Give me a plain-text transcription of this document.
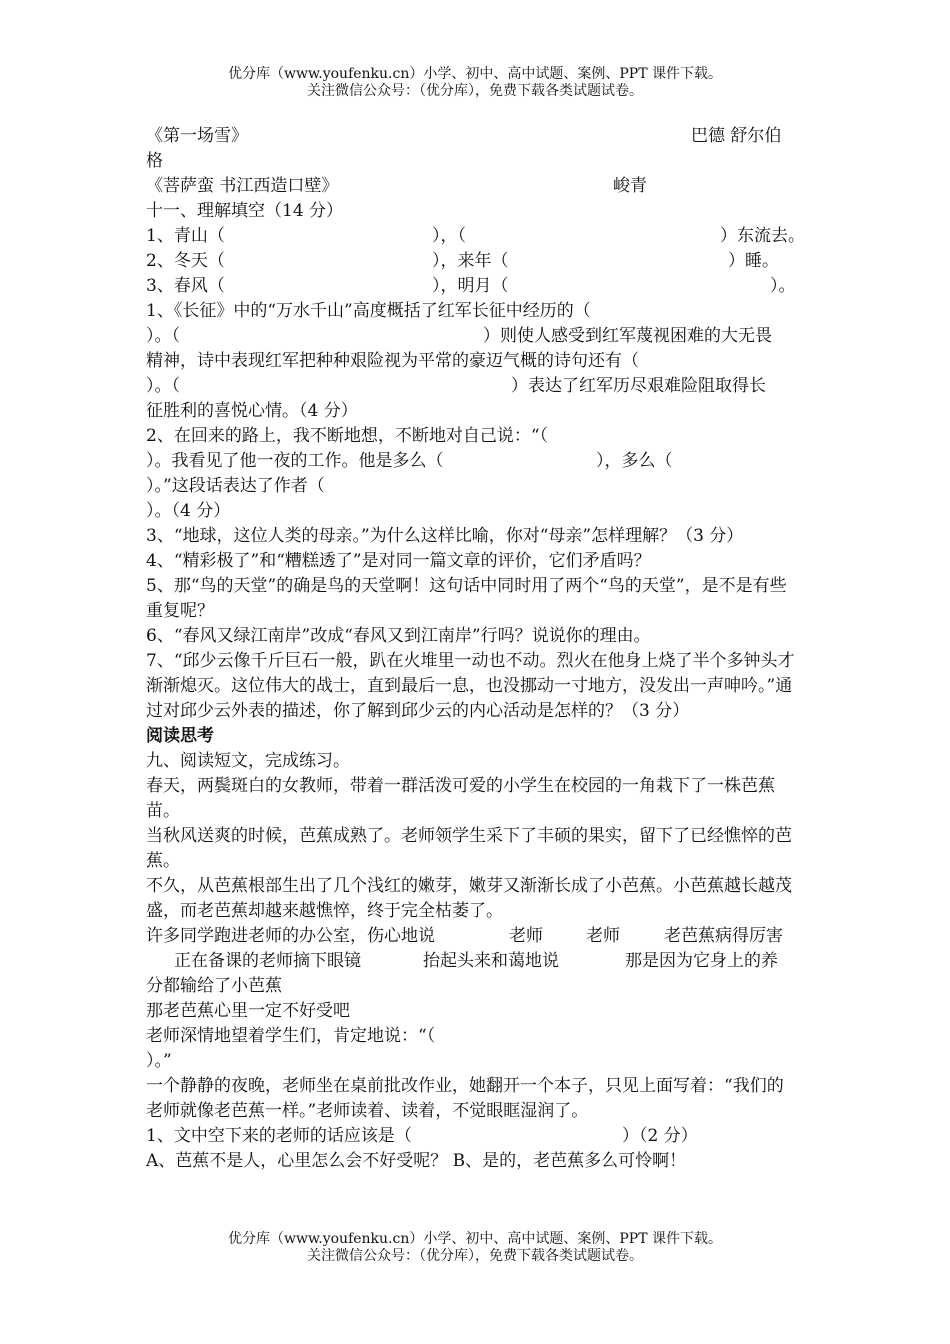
优分库（www.youfenku.cn）小学、初中、高中试题、案例、PPT 课件下载。
关注微信公众号：（优分库），免费下载各类试题试卷。
《第一场雪》	巴德 舒尔伯
格
《菩萨蛮 书江西造口壁》	峻青
十一、理解填空（14 分）
1、青山（	），（	）东流去。
2、冬天（	），来年（	）睡。
3、春风（	），明月（	）。
1、《长征》中的“万水千山”高度概括了红军长征中经历的（
）。（	）则使人感受到红军蔑视困难的大无畏
精神，诗中表现红军把种种艰险视为平常的豪迈气概的诗句还有（
）。（	）表达了红军历尽艰难险阻取得长
征胜利的喜悦心情。（4 分）
2、在回来的路上，我不断地想，不断地对自己说：“（
）。我看见了他一夜的工作。他是多么（	），多么（
）。”这段话表达了作者（
）。（4 分）
3、“地球，这位人类的母亲。”为什么这样比喻，你对“母亲”怎样理解？（3 分）
4、“精彩极了”和“糟糕透了”是对同一篇文章的评价，它们矛盾吗？
5、那“鸟的天堂”的确是鸟的天堂啊！这句话中同时用了两个“鸟的天堂”，是不是有些重复呢？
6、“春风又绿江南岸”改成“春风又到江南岸”行吗？说说你的理由。
7、“邱少云像千斤巨石一般，趴在火堆里一动也不动。烈火在他身上烧了半个多钟头才渐渐熄灭。这位伟大的战士，直到最后一息，也没挪动一寸地方，没发出一声呻吟。”通过对邱少云外表的描述，你了解到邱少云的内心活动是怎样的？（3 分）
阅读思考
九、阅读短文，完成练习。
春天，两鬓斑白的女教师，带着一群活泼可爱的小学生在校园的一角栽下了一株芭蕉苗。
当秋风送爽的时候，芭蕉成熟了。老师领学生采下了丰硕的果实，留下了已经憔悴的芭蕉。
不久，从芭蕉根部生出了几个浅红的嫩芽，嫩芽又渐渐长成了小芭蕉。小芭蕉越长越茂盛，而老芭蕉却越来越憔悴，终于完全枯萎了。
许多同学跑进老师的办公室，伤心地说	老师	老师	老芭蕉病得厉害
正在备课的老师摘下眼镜	抬起头来和蔼地说	那是因为它身上的养
分都输给了小芭蕉
那老芭蕉心里一定不好受吧
老师深情地望着学生们，肯定地说：“（
）。”
一个静静的夜晚，老师坐在桌前批改作业，她翻开一个本子，只见上面写着：“我们的老师就像老芭蕉一样。”老师读着、读着，不觉眼眶湿润了。
1、文中空下来的老师的话应该是（	）（2 分）
A、芭蕉不是人，心里怎么会不好受呢？ B、是的，老芭蕉多么可怜啊！
优分库（www.youfenku.cn）小学、初中、高中试题、案例、PPT 课件下载。
关注微信公众号：（优分库），免费下载各类试题试卷。
